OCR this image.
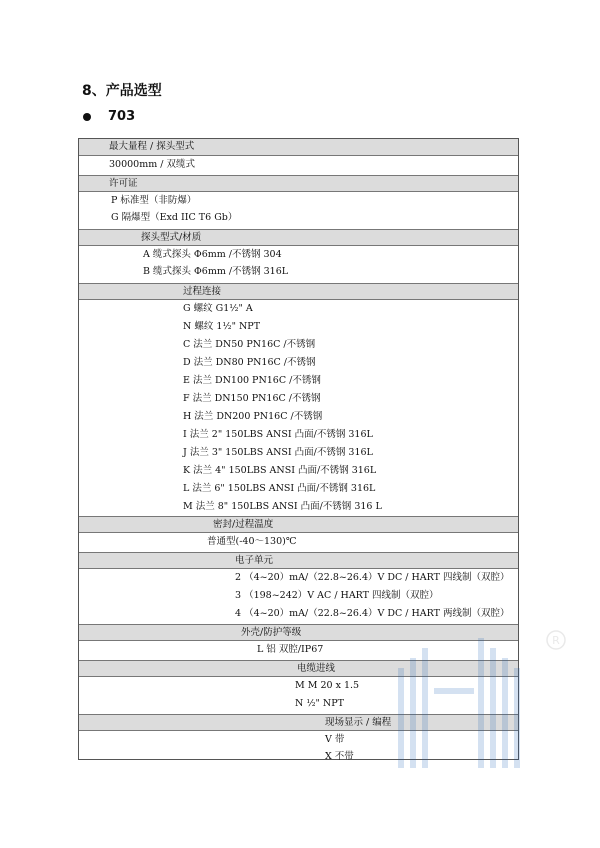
8、产品选型
703
最大量程 / 探头型式
30000mm / 双缆式
许可证
P 标准型（非防爆）
G 隔爆型（Exd IIC T6 Gb）
探头型式/材质
A 缆式探头 Φ6mm /不锈钢 304
B 缆式探头 Φ6mm /不锈钢 316L
过程连接
G 螺纹 G1½" A
N 螺纹 1½" NPT
C 法兰 DN50 PN16C /不锈钢
D 法兰 DN80 PN16C /不锈钢
E 法兰 DN100 PN16C /不锈钢
F 法兰 DN150 PN16C /不锈钢
H 法兰 DN200 PN16C /不锈钢
I 法兰 2" 150LBS ANSI 凸面/不锈钢 316L
J 法兰 3" 150LBS ANSI 凸面/不锈钢 316L
K 法兰 4" 150LBS ANSI 凸面/不锈钢 316L
L 法兰 6" 150LBS ANSI 凸面/不锈钢 316L
M 法兰 8" 150LBS ANSI 凸面/不锈钢 316 L
密封/过程温度
普通型(-40～130)℃
电子单元
2 （4~20）mA/（22.8~26.4）V DC / HART 四线制（双腔）
3 （198~242）V AC / HART 四线制（双腔）
4 （4~20）mA/（22.8~26.4）V DC / HART 两线制（双腔）
外壳/防护等级
L 铝 双腔/IP67
电缆进线
M M 20 x 1.5
N ½" NPT
现场显示 / 编程
V 带
X 不带
R
